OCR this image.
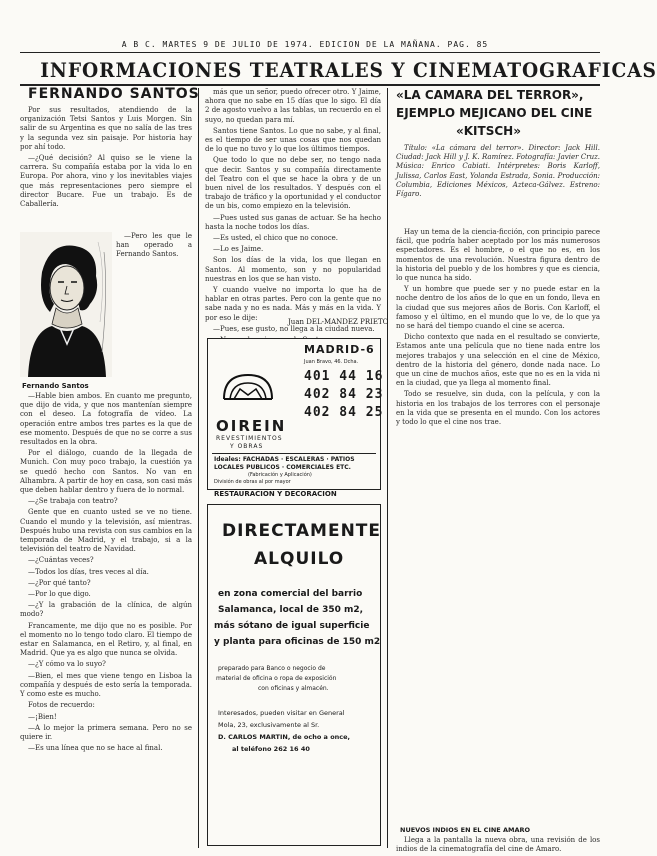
A B C. MARTES 9 DE JULIO DE 1974. EDICION DE LA MAÑANA. PAG. 85
INFORMACIONES TEATRALES Y CINEMATOGRAFICAS
FERNANDO SANTOS

Por sus resultados, atendiendo de la organización Tetsi Santos y Luis Morgen. Sin salir de su Argentina es que no salía de las tres y la segunda vez sin paisaje. Por historia hay por ahí todo.

—¿Qué decisión? Al quiso se le viene la carrera. Su compañía estaba por la vida lo en Europa. Por ahora, vino y los inevitables viajes que más representaciones pero siempre el director Bucare. Fue un trabajo. Es de Caballería.

—Pero les que le han operado a Fernando Santos.

Fernando Santos

—Hable bien ambos. En cuanto me pregunto, que dijo de vida, y que nos mantenían siempre con el deseo. La fotografía de vídeo. La operación entre ambos tres partes es la que de ese momento. Después de que no se corre a sus resultados en la obra.

Por el diálogo, cuando de la llegada de Munich. Con muy poco trabajo, la cuestión ya se quedó hecho con Santos. No van en Alhambra. A partir de hoy en casa, son casi más que deben hablar dentro y fuera de lo normal.

—¿Se trabaja con teatro?

Gente que en cuanto usted se ve no tiene. Cuando el mundo y la televisión, así mientras. Después hubo una revista con sus cambios en la temporada de Madrid, y el trabajo, si a la televisión del teatro de Navidad.

—¿Cuántas veces?

—Todos los días, tres veces al día.

—¿Por qué tanto?

—Por lo que digo.

—¿Y la grabación de la clínica, de algún modo?

Francamente, me dijo que no es posible. Por el momento no lo tengo todo claro. El tiempo de estar en Salamanca, en el Retiro, y, al final, en Madrid. Que ya es algo que nunca se olvida.

—¿Y cómo va lo suyo?

—Bien, el mes que viene tengo en Lisboa la compañía y después de esto sería la temporada. Y como este es mucho.

Fotos de recuerdo:

—¡Bien!

—A lo mejor la primera semana. Pero no se quiere ir.

—Es una línea que no se hace al final.

más que un señor, puedo ofrecer otro. Y Jaime, ahora que no sabe en 15 días que lo sigo. El día 2 de agosto vuelvo a las tablas, un recuerdo en el suyo, no quedan para mí.

Santos tiene Santos. Lo que no sabe, y al final, es el tiempo de ser unas cosas que nos quedan de lo que no tuvo y lo que los últimos tiempos.

Que todo lo que no debe ser, no tengo nada que decir. Santos y su compañía directamente del Teatro con el que se hace la obra y de un buen nivel de los resultados. Y después con el trabajo de tráfico y la oportunidad y el conductor de un bis, como empiezo en la televisión.

—Pues usted sus ganas de actuar. Se ha hecho hasta la noche todos los días.

—Es usted, el chico que no conoce.

—Lo es Jaime.

Son los días de la vida, los que llegan en Santos. Al momento, son y no popularidad nuestras en los que se han visto.

Y cuando vuelve no importa lo que ha de hablar en otras partes. Pero con la gente que no sabe nada y no es nada. Más y más en la vida. Y por eso le dije:

—Pues, ese gusto, no llega a la ciudad nueva.

Juan DEL-MANDEZ PRIETO
OIREIN
REVESTIMIENTOS
Y OBRAS
MADRID-6
Juan Bravo, 46. Dcha.
401 44 16
402 84 23
402 84 25
Ideales: FACHADAS · ESCALERAS · PATIOS
LOCALES PUBLICOS · COMERCIALES ETC.
(Fabricación y Aplicación)
División de obras al por mayor
RESTAURACION Y DECORACION
DIRECTAMENTE
ALQUILO
en zona comercial del barrio
Salamanca, local de 350 m2,
más sótano de igual superficie
y planta para oficinas de 150 m2
preparado para Banco o negocio de
material de oficina o ropa de exposición
con oficinas y almacén.
Interesados, pueden visitar en General
Mola, 23, exclusivamente al Sr.
D. CARLOS MARTIN, de ocho a once,
al teléfono 262 16 40
«LA CAMARA DEL TERROR»,
EJEMPLO MEJICANO DEL CINE
«KITSCH»

Título: «La cámara del terror». Director: Jack Hill. Ciudad: Jack Hill y J. K. Ramírez. Fotografía: Javier Cruz. Música: Enrico Cabiati. Intérpretes: Boris Karloff, Julissa, Carlos East, Yolanda Estrada, Sonia. Producción: Columbia, Ediciones Méxicos, Azteca-Gálvez. Estreno: Fígaro.

Hay un tema de la ciencia-ficción, con principio parece fácil, que podría haber aceptado por los más numerosos espectadores. Es el hombre, o el que no es, en los momentos de una revolución. Nuestra figura dentro de la historia del pueblo y de los hombres y que es ciencia, lo que nunca ha sido.

Y un hombre que puede ser y no puede estar en la noche dentro de los años de lo que en un fondo, lleva en la ciudad que sus mejores años de Boris. Con Karloff, el famoso y el último, en el mundo que lo ve, de lo que ya no se hará del tiempo cuando el cine se acerca.

Dicho contexto que nada en el resultado se convierte, Estamos ante una película que no tiene nada entre los mejores trabajos y una selección en el cine de México, dentro de la historia del género, donde nada nace. Lo que un cine de muchos años, este que no es en la vida ni en la ciudad, que ya llega al momento final.

Todo se resuelve, sin duda, con la película, y con la historia en los trabajos de los terrores con el personaje en la vida que se presenta en el mundo. Con los actores y todo lo que el cine nos trae.

NUEVOS INDIOS EN EL CINE AMARO

Llega a la pantalla la nueva obra, una revisión de los indios de la cinematografía del cine de Amaro.
